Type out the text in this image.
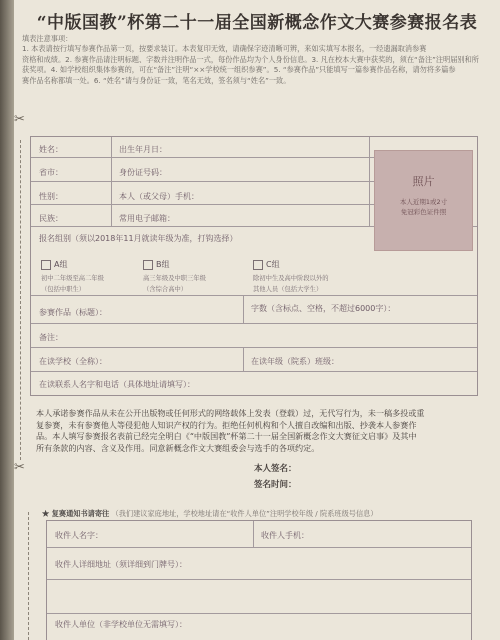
“中版国教”杯第二十一届全国新概念作文大赛参赛报名表
填表注意事项：
1. 本表请按行填写参赛作品第一页，按要求装订。本表复印无效，请确保字迹清晰可辨，来如实填写本报名，一经遗漏取消参赛
资格和成绩。2. 参赛作品请注明标题、字数并注明作品一式，每份作品均为个人身份信息。3. 凡在校本大赛中获奖的，须在“备注”注明届别和所
获奖项。4. 如学校组织集体参赛的，可在“备注”注明“××学校统一组织参赛”。5. “参赛作品”只能填写一篇参赛作品名称，请勿将多篇参
赛作品名称都填一处。6. “姓名”请与身份证一致，笔名无效，签名须与“姓名”一致。
✂
✂
姓名：	出生年月日：
省市：	身份证号码：
性别：	本人（或父母）手机：
民族：	常用电子邮箱：
照片
本人近期1或2寸
免冠彩色证件照
报名组别（须以2018年11月就读年级为准，打钩选择）
A组
初中二年级至高二年级
（包括中职生）
B组
高三年级及中职三年级
（含综合高中）
C组
除初中生及高中阶段以外的
其他人员（包括大学生）
参赛作品（标题）：	字数（含标点、空格，不超过6000字）：
备注：
在读学校（全称）：	在读年级（院系）班级：
在读联系人名字和电话（具体地址请填写）：
本人承诺参赛作品从未在公开出版物或任何形式的网络载体上发表（登载）过，无代写行为，未一稿多投或重
复参赛，未有参赛他人等侵犯他人知识产权的行为。拒绝任何机构和个人擅自改编和出版、抄袭本人参赛作
品。本人填写参赛报名表前已经完全明白《“中版国教”杯第二十一届全国新概念作文大赛征文启事》及其中
所有条款的内容、含义及作用。同意新概念作文大赛组委会与选手的各项约定。
本人签名：
签名时间：
★ 复赛通知书请寄往 （我们建议家庭地址，学校地址请在“收件人单位”注明学校年级 / 院系班级号信息）
收件人名字：	收件人手机：
收件人详细地址（须详细到门牌号）：
收件人单位（非学校单位无需填写）：
